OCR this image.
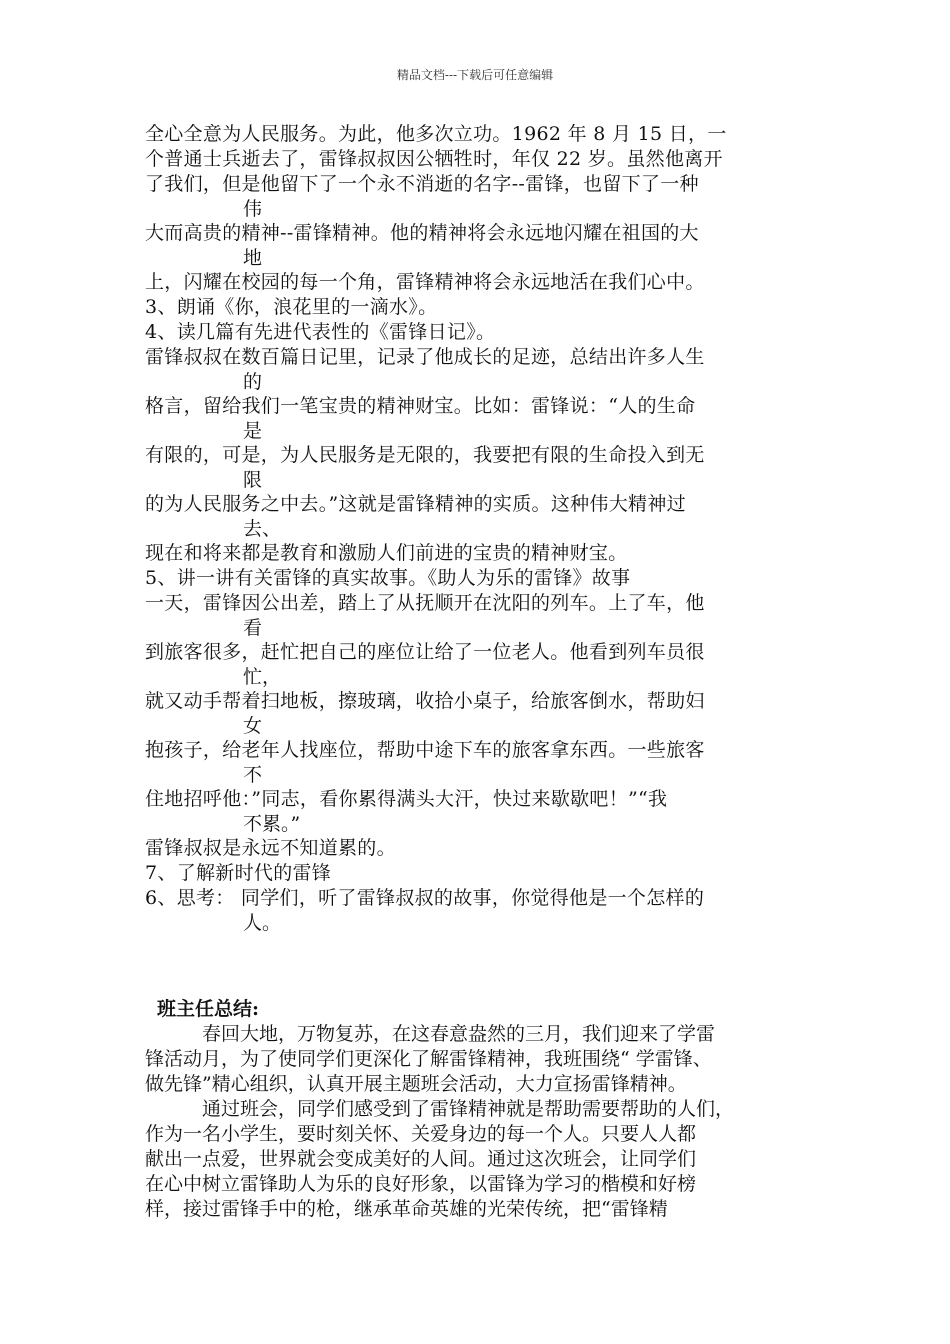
精品文档---下载后可任意编辑
全心全意为人民服务。为此，他多次立功。1962 年 8 月 15 日，一
个普通士兵逝去了，雷锋叔叔因公牺牲时，年仅 22 岁。虽然他离开
了我们，但是他留下了一个永不消逝的名字--雷锋，也留下了一种
伟
大而高贵的精神--雷锋精神。他的精神将会永远地闪耀在祖国的大
地
上，闪耀在校园的每一个角，雷锋精神将会永远地活在我们心中。
3、朗诵《你，浪花里的一滴水》。
4、读几篇有先进代表性的《雷锋日记》。
雷锋叔叔在数百篇日记里，记录了他成长的足迹，总结出许多人生
的
格言，留给我们一笔宝贵的精神财宝。比如：雷锋说：“人的生命
是
有限的，可是，为人民服务是无限的，我要把有限的生命投入到无
限
的为人民服务之中去。”这就是雷锋精神的实质。这种伟大精神过
去、
现在和将来都是教育和激励人们前进的宝贵的精神财宝。
5、讲一讲有关雷锋的真实故事。《助人为乐的雷锋》故事
一天，雷锋因公出差，踏上了从抚顺开在沈阳的列车。上了车，他
看
到旅客很多，赶忙把自己的座位让给了一位老人。他看到列车员很
忙，
就又动手帮着扫地板，擦玻璃，收拾小桌子，给旅客倒水，帮助妇
女
抱孩子，给老年人找座位，帮助中途下车的旅客拿东西。一些旅客
不
住地招呼他：”同志，看你累得满头大汗，快过来歇歇吧！”“我
不累。”
雷锋叔叔是永远不知道累的。
7、了解新时代的雷锋
6、思考： 同学们，听了雷锋叔叔的故事，你觉得他是一个怎样的
人。
班主任总结:
春回大地，万物复苏，在这春意盎然的三月，我们迎来了学雷
锋活动月，为了使同学们更深化了解雷锋精神，我班围绕“ 学雷锋、
做先锋”精心组织，认真开展主题班会活动，大力宣扬雷锋精神。
通过班会，同学们感受到了雷锋精神就是帮助需要帮助的人们，
作为一名小学生，要时刻关怀、关爱身边的每一个人。只要人人都
献出一点爱，世界就会变成美好的人间。通过这次班会，让同学们
在心中树立雷锋助人为乐的良好形象，以雷锋为学习的楷模和好榜
样，接过雷锋手中的枪，继承革命英雄的光荣传统，把“雷锋精
